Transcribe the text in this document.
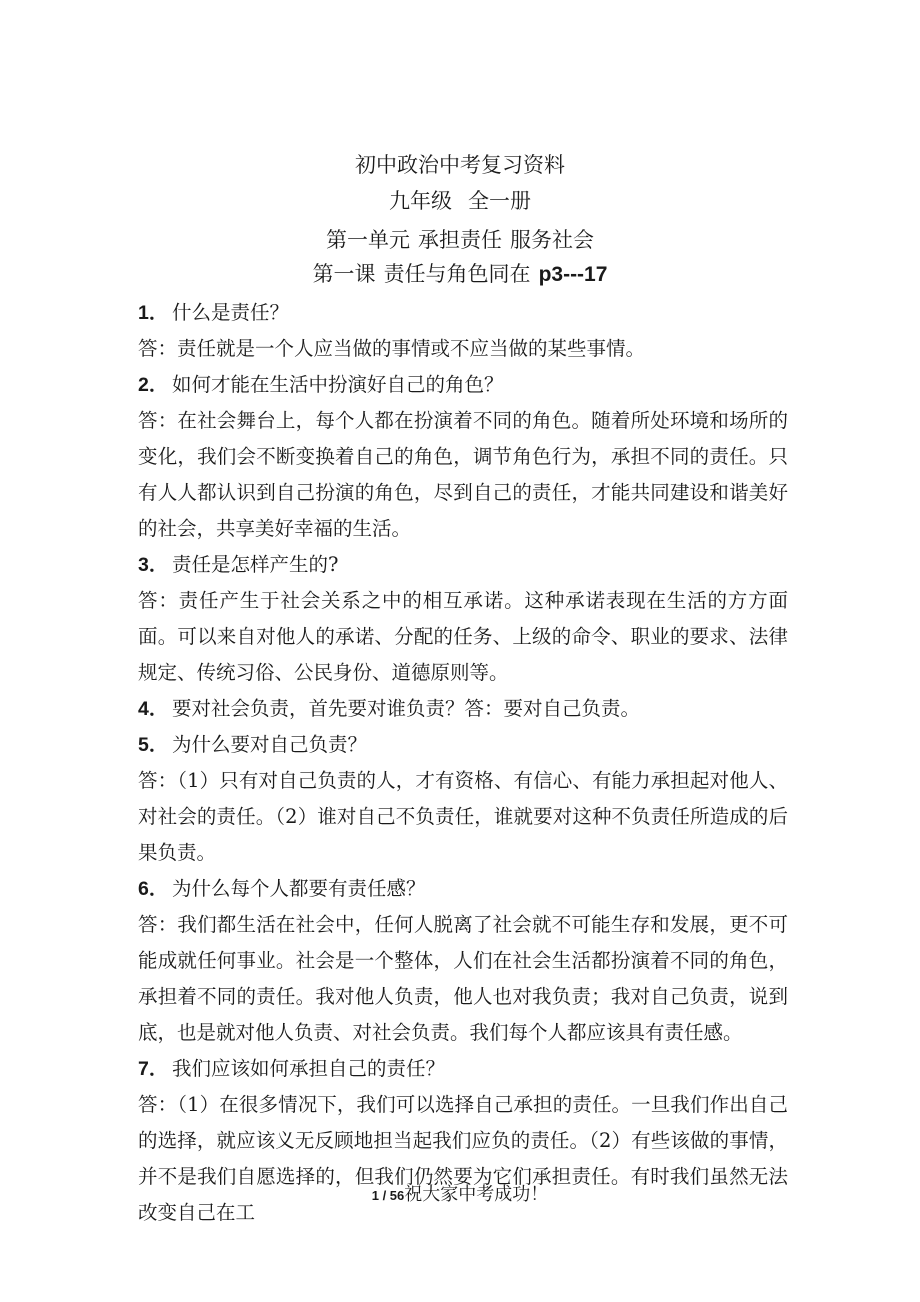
初中政治中考复习资料
九年级 全一册
第一单元 承担责任 服务社会
第一课 责任与角色同在 p3---17

1． 什么是责任？

答：责任就是一个人应当做的事情或不应当做的某些事情。

2． 如何才能在生活中扮演好自己的角色？

答：在社会舞台上，每个人都在扮演着不同的角色。随着所处环境和场所的变化，我们会不断变换着自己的角色，调节角色行为，承担不同的责任。只有人人都认识到自己扮演的角色，尽到自己的责任，才能共同建设和谐美好的社会，共享美好幸福的生活。

3． 责任是怎样产生的?

答：责任产生于社会关系之中的相互承诺。这种承诺表现在生活的方方面面。可以来自对他人的承诺、分配的任务、上级的命令、职业的要求、法律规定、传统习俗、公民身份、道德原则等。

4． 要对社会负责，首先要对谁负责？答：要对自己负责。

5． 为什么要对自己负责？

答：（1）只有对自己负责的人，才有资格、有信心、有能力承担起对他人、对社会的责任。（2）谁对自己不负责任，谁就要对这种不负责任所造成的后果负责。

6． 为什么每个人都要有责任感？

答：我们都生活在社会中，任何人脱离了社会就不可能生存和发展，更不可能成就任何事业。社会是一个整体，人们在社会生活都扮演着不同的角色，承担着不同的责任。我对他人负责，他人也对我负责；我对自己负责，说到底，也是就对他人负责、对社会负责。我们每个人都应该具有责任感。

7． 我们应该如何承担自己的责任？

答：（1）在很多情况下，我们可以选择自己承担的责任。一旦我们作出自己的选择，就应该义无反顾地担当起我们应负的责任。（2）有些该做的事情，并不是我们自愿选择的，但我们仍然要为它们承担责任。有时我们虽然无法改变自己在工

1 / 56祝大家中考成功！
